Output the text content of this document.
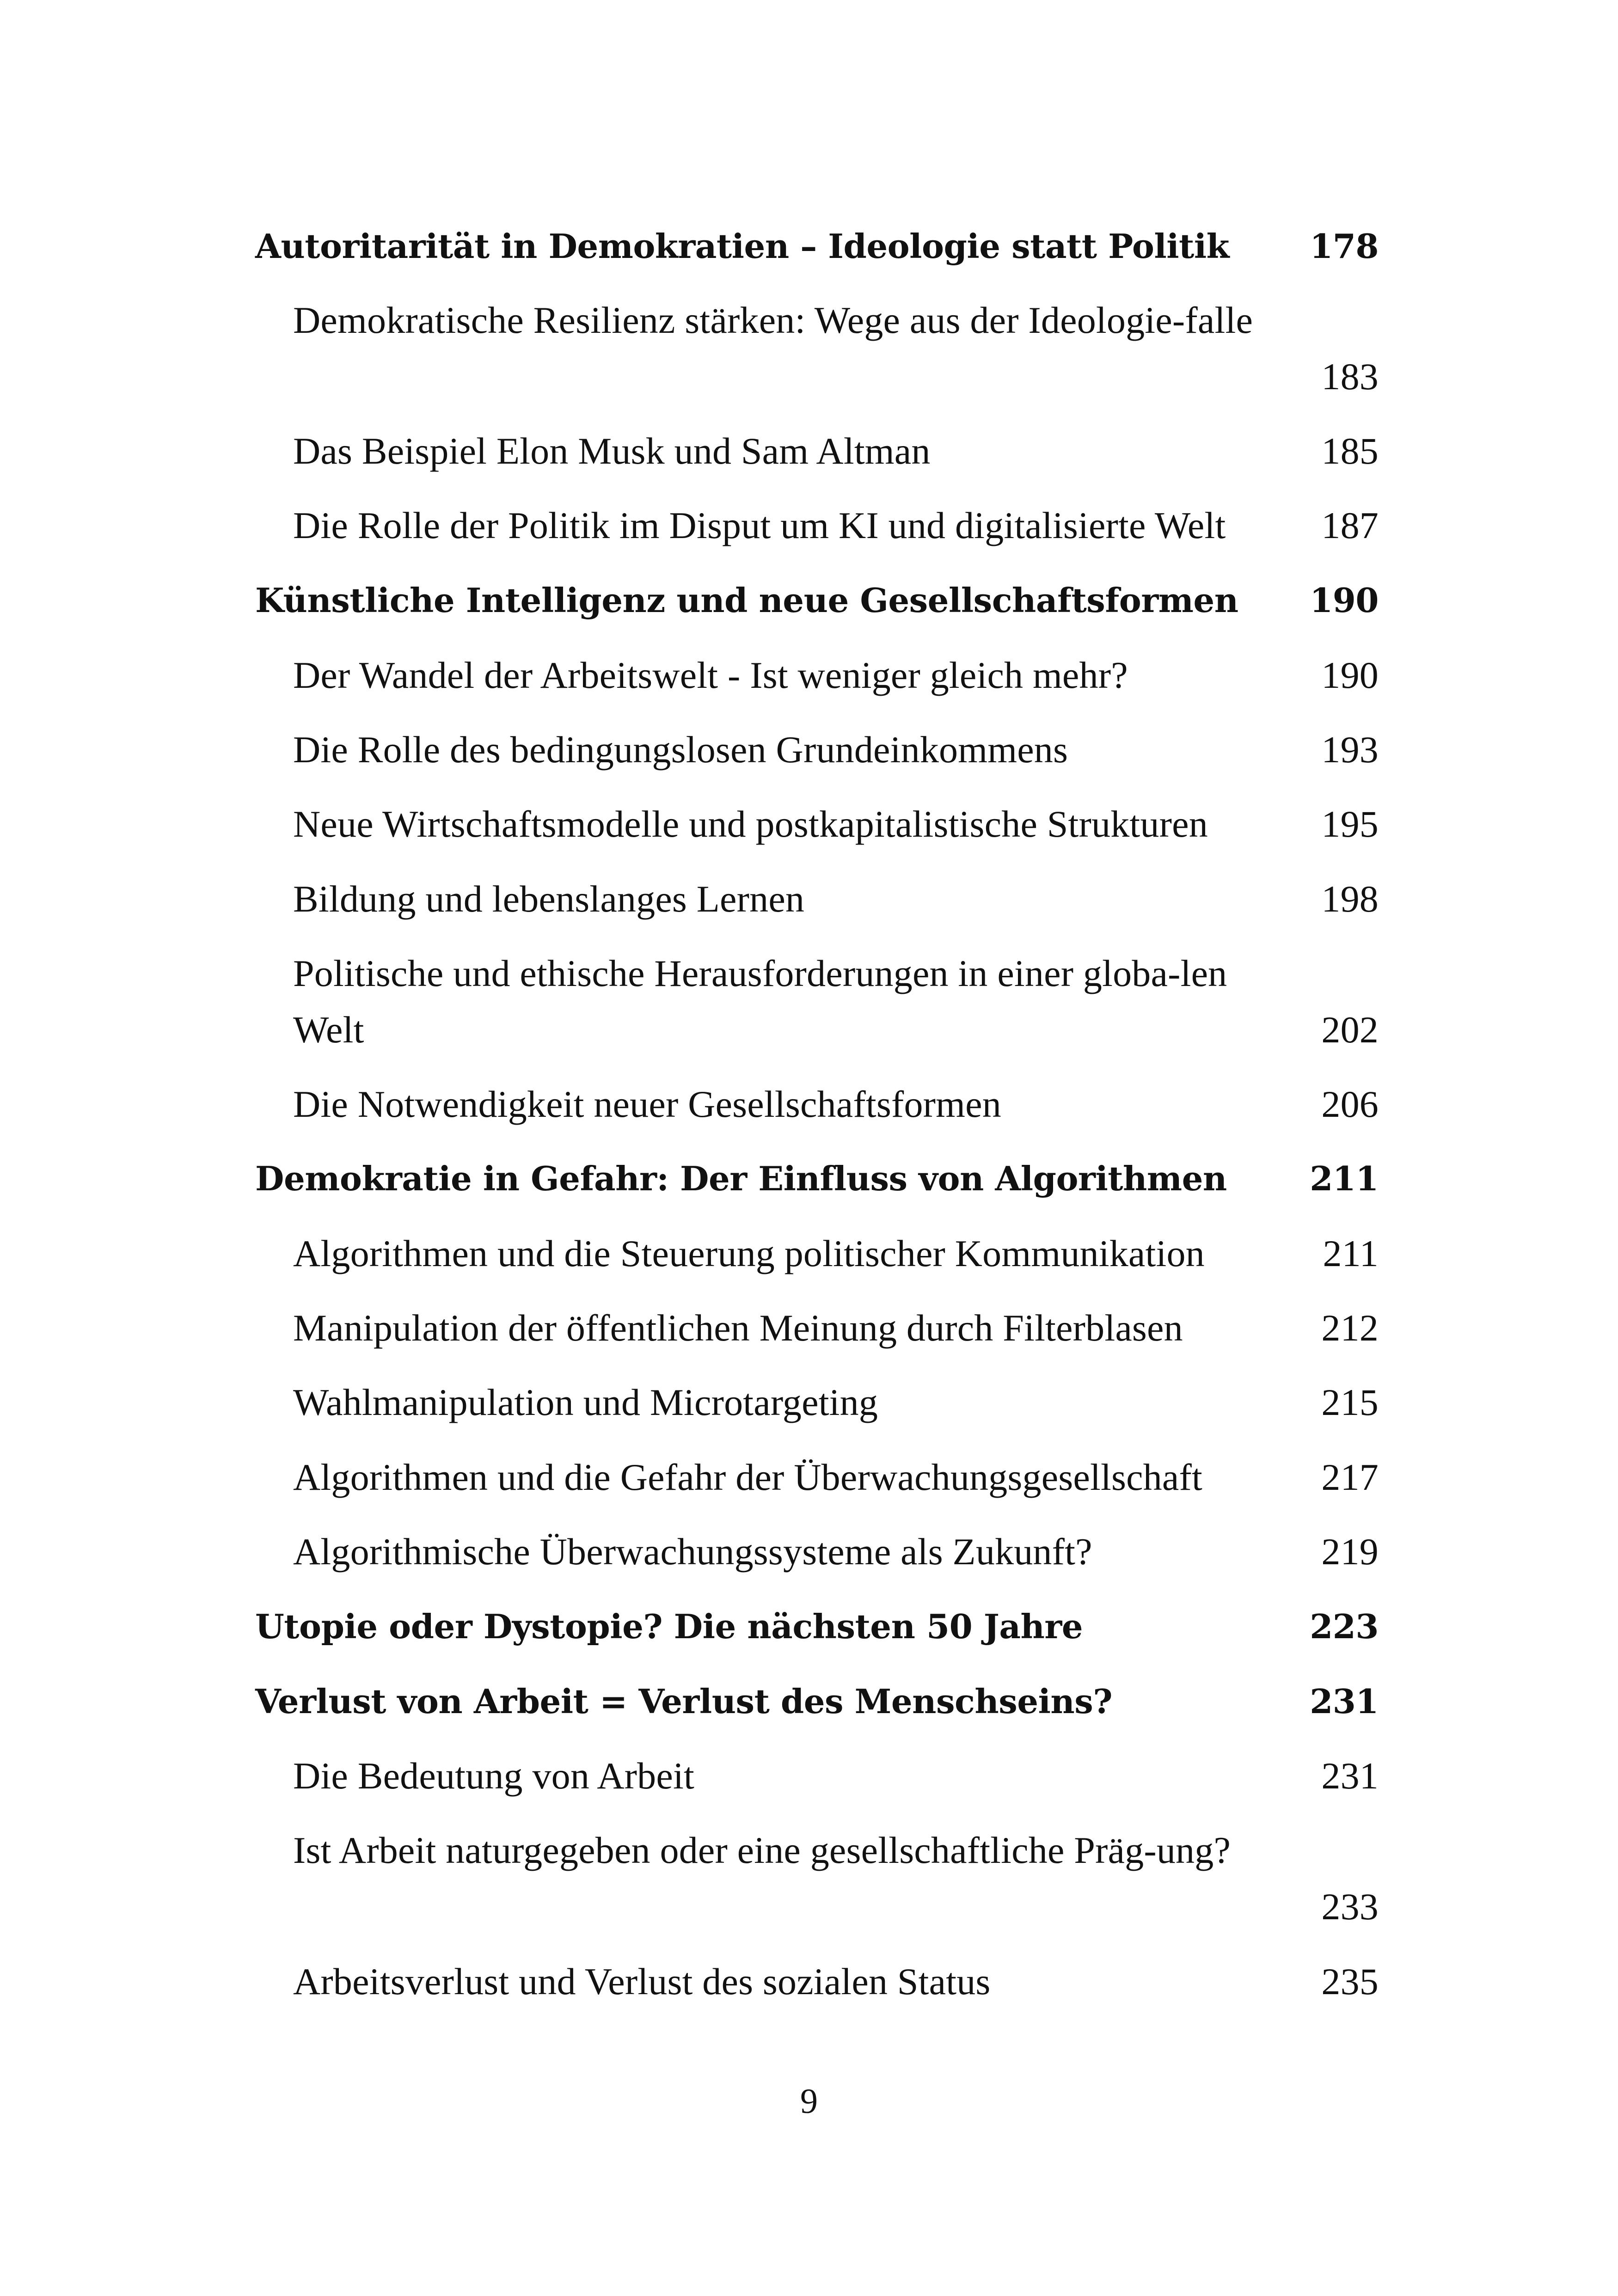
Autoritarität in Demokratien – Ideologie statt Politik 178
Demokratische Resilienz stärken: Wege aus der Ideologie-falle
183
Das Beispiel Elon Musk und Sam Altman	185
Die Rolle der Politik im Disput um KI und digitalisierte Welt	187
Künstliche Intelligenz und neue Gesellschaftsformen 190
Der Wandel der Arbeitswelt - Ist weniger gleich mehr?	190
Die Rolle des bedingungslosen Grundeinkommens	193
Neue Wirtschaftsmodelle und postkapitalistische Strukturen	195
Bildung und lebenslanges Lernen	198
Politische und ethische Herausforderungen in einer globa-len
Welt	202
Die Notwendigkeit neuer Gesellschaftsformen	206
Demokratie in Gefahr: Der Einfluss von Algorithmen 211
Algorithmen und die Steuerung politischer Kommunikation	211
Manipulation der öffentlichen Meinung durch Filterblasen	212
Wahlmanipulation und Microtargeting	215
Algorithmen und die Gefahr der Überwachungsgesellschaft	217
Algorithmische Überwachungssysteme als Zukunft?	219
Utopie oder Dystopie? Die nächsten 50 Jahre	223
Verlust von Arbeit = Verlust des Menschseins?	231
Die Bedeutung von Arbeit	231
Ist Arbeit naturgegeben oder eine gesellschaftliche Präg-ung?
233
Arbeitsverlust und Verlust des sozialen Status	235
9
